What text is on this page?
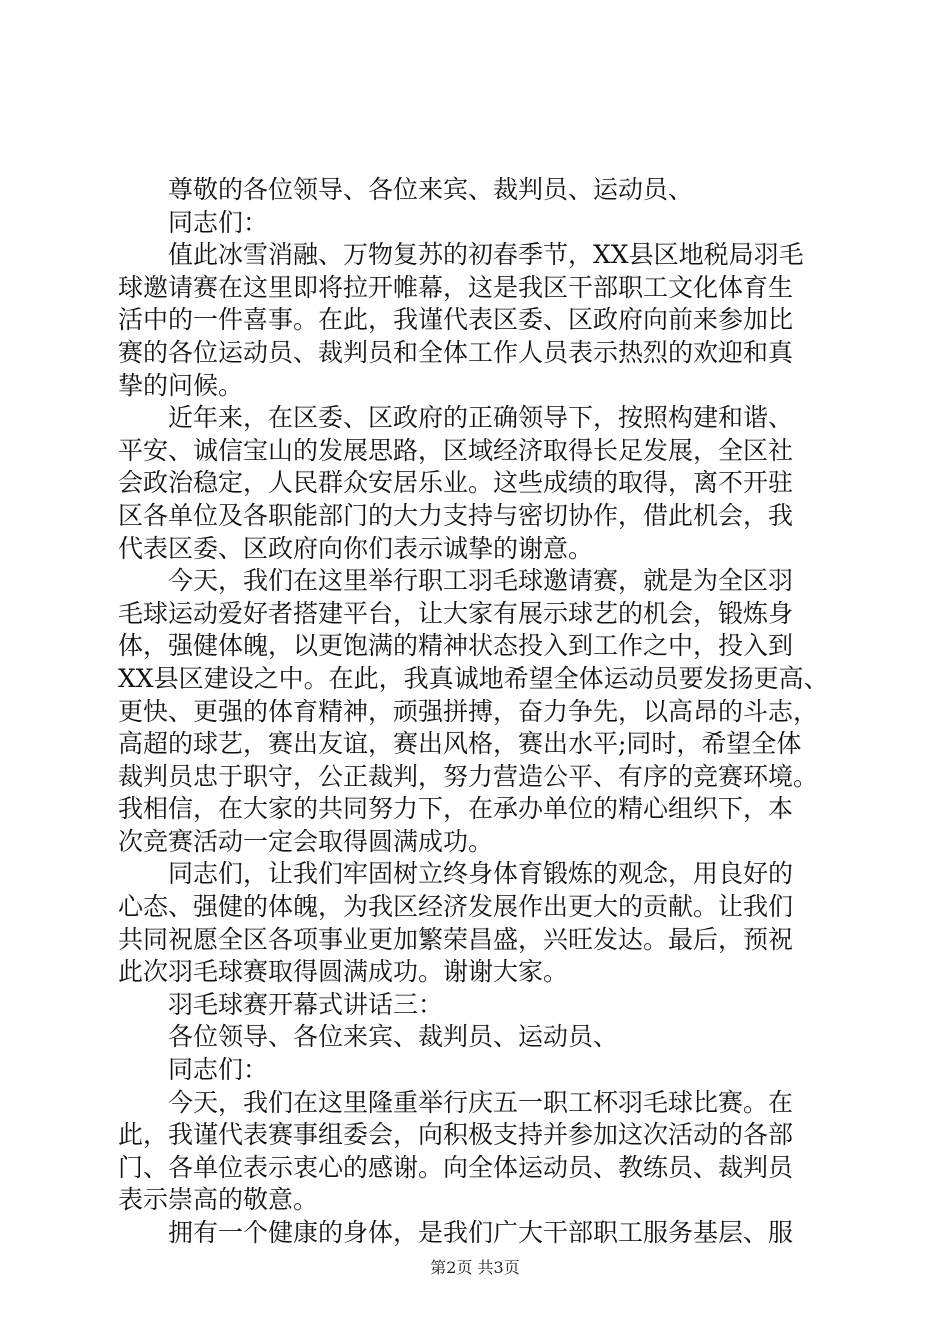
尊敬的各位领导、各位来宾、裁判员、运动员、
同志们：
值此冰雪消融、万物复苏的初春季节，XX县区地税局羽毛
球邀请赛在这里即将拉开帷幕，这是我区干部职工文化体育生
活中的一件喜事。在此，我谨代表区委、区政府向前来参加比
赛的各位运动员、裁判员和全体工作人员表示热烈的欢迎和真
挚的问候。
近年来，在区委、区政府的正确领导下，按照构建和谐、
平安、诚信宝山的发展思路，区域经济取得长足发展，全区社
会政治稳定，人民群众安居乐业。这些成绩的取得，离不开驻
区各单位及各职能部门的大力支持与密切协作，借此机会，我
代表区委、区政府向你们表示诚挚的谢意。
今天，我们在这里举行职工羽毛球邀请赛，就是为全区羽
毛球运动爱好者搭建平台，让大家有展示球艺的机会，锻炼身
体，强健体魄，以更饱满的精神状态投入到工作之中，投入到
XX县区建设之中。在此，我真诚地希望全体运动员要发扬更高、
更快、更强的体育精神，顽强拼搏，奋力争先，以高昂的斗志，
高超的球艺，赛出友谊，赛出风格，赛出水平;同时，希望全体
裁判员忠于职守，公正裁判，努力营造公平、有序的竞赛环境。
我相信，在大家的共同努力下，在承办单位的精心组织下，本
次竞赛活动一定会取得圆满成功。
同志们，让我们牢固树立终身体育锻炼的观念，用良好的
心态、强健的体魄，为我区经济发展作出更大的贡献。让我们
共同祝愿全区各项事业更加繁荣昌盛，兴旺发达。最后，预祝
此次羽毛球赛取得圆满成功。谢谢大家。
羽毛球赛开幕式讲话三：
各位领导、各位来宾、裁判员、运动员、
同志们：
今天，我们在这里隆重举行庆五一职工杯羽毛球比赛。在
此，我谨代表赛事组委会，向积极支持并参加这次活动的各部
门、各单位表示衷心的感谢。向全体运动员、教练员、裁判员
表示崇高的敬意。
拥有一个健康的身体，是我们广大干部职工服务基层、服
第2页 共3页
